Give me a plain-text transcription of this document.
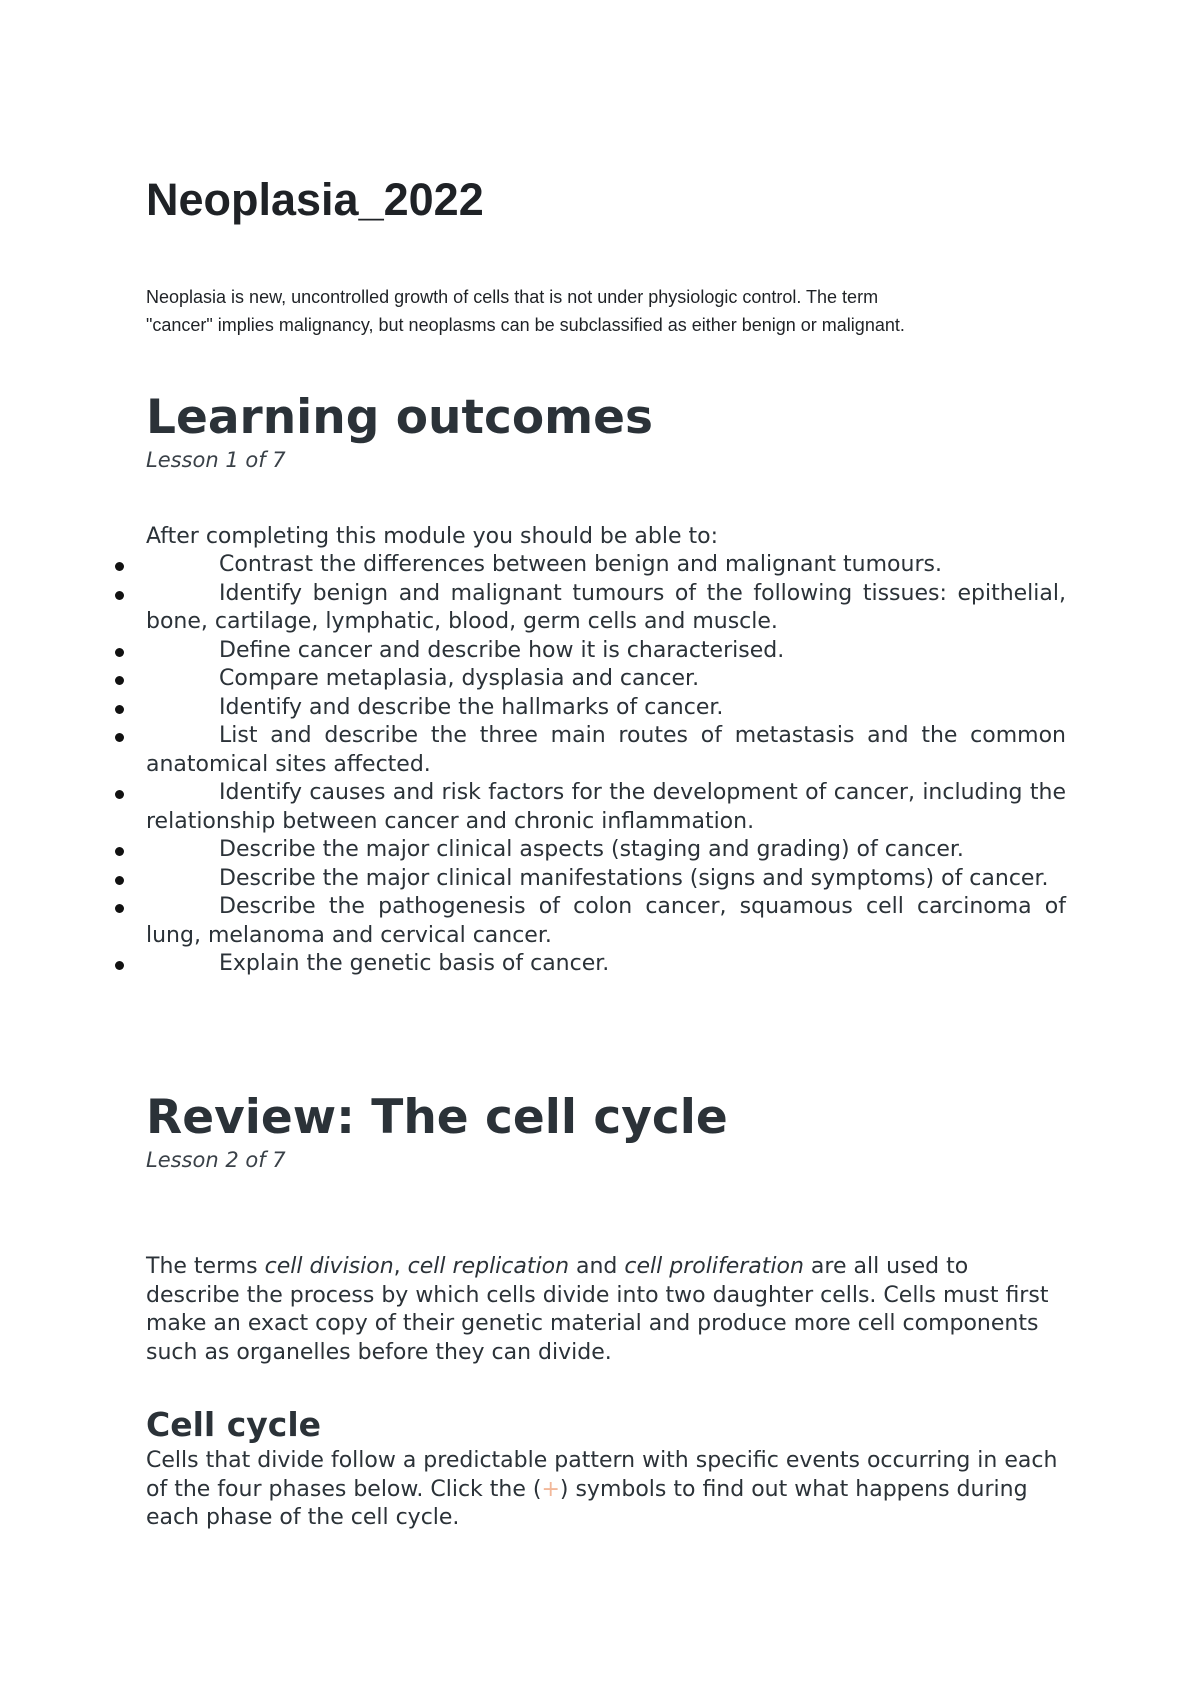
Neoplasia_2022
Neoplasia is new, uncontrolled growth of cells that is not under physiologic control. The term
"cancer" implies malignancy, but neoplasms can be subclassified as either benign or malignant.
Learning outcomes

Lesson 1 of 7

After completing this module you should be able to:

Contrast the differences between benign and malignant tumours.
Identify benign and malignant tumours of the following tissues: epithelial, bone, cartilage, lymphatic, blood, germ cells and muscle.
Define cancer and describe how it is characterised.
Compare metaplasia, dysplasia and cancer.
Identify and describe the hallmarks of cancer.
List and describe the three main routes of metastasis and the common anatomical sites affected.
Identify causes and risk factors for the development of cancer, including the relationship between cancer and chronic inflammation.
Describe the major clinical aspects (staging and grading) of cancer.
Describe the major clinical manifestations (signs and symptoms) of cancer.
Describe the pathogenesis of colon cancer, squamous cell carcinoma of lung, melanoma and cervical cancer.
Explain the genetic basis of cancer.
Review: The cell cycle

Lesson 2 of 7

The terms cell division, cell replication and cell proliferation are all used to describe the process by which cells divide into two daughter cells. Cells must first make an exact copy of their genetic material and produce more cell components such as organelles before they can divide.

Cell cycle

Cells that divide follow a predictable pattern with specific events occurring in each of the four phases below. Click the (+) symbols to find out what happens during each phase of the cell cycle.
